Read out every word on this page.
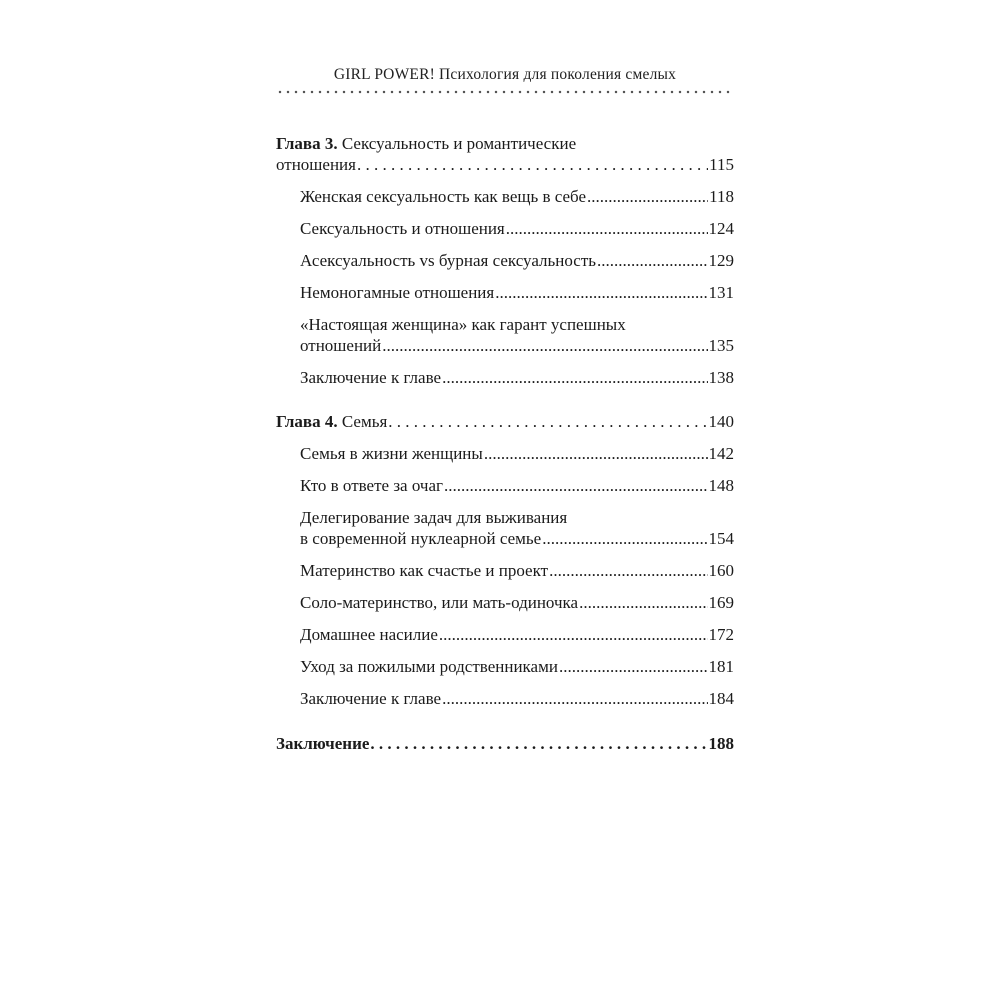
GIRL POWER! Психология для поколения смелых
Глава 3. Сексуальность и романтические
отношения . . .	115
Женская сексуальность как вещь в себе .....	118
Сексуальность и отношения .....	124
Асексуальность vs бурная сексуальность .....	129
Немоногамные отношения .....	131
«Настоящая женщина» как гарант успешных
отношений .....	135
Заключение к главе .....	138
Глава 4. Семья . . .	140
Семья в жизни женщины .....	142
Кто в ответе за очаг .....	148
Делегирование задач для выживания
в современной нуклеарной семье .....	154
Материнство как счастье и проект .....	160
Соло-материнство, или мать-одиночка .....	169
Домашнее насилие .....	172
Уход за пожилыми родственниками .....	181
Заключение к главе .....	184
Заключение . . .	188
